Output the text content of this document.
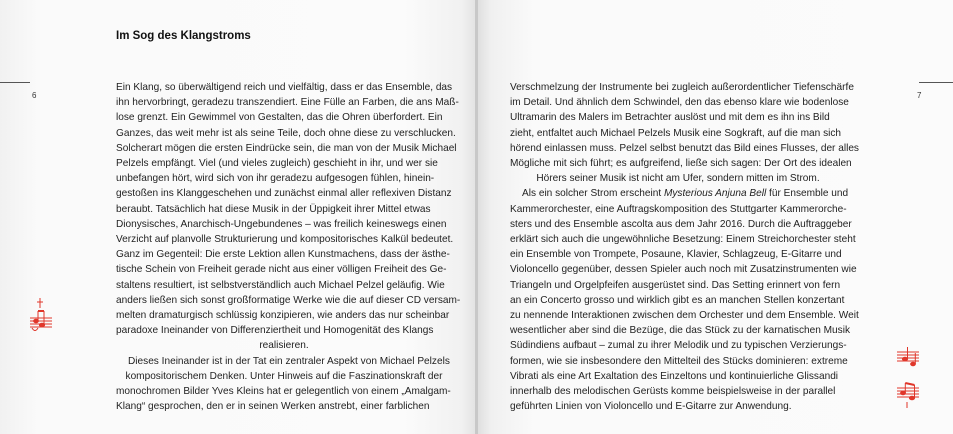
6	7
Im Sog des Klangstroms
Ein Klang, so überwältigend reich und vielfältig, dass er das Ensemble, das
ihn hervorbringt, geradezu transzendiert. Eine Fülle an Farben, die ans Maß-
lose grenzt. Ein Gewimmel von Gestalten, das die Ohren überfordert. Ein
Ganzes, das weit mehr ist als seine Teile, doch ohne diese zu verschlucken.
Solcherart mögen die ersten Eindrücke sein, die man von der Musik Michael
Pelzels empfängt. Viel (und vieles zugleich) geschieht in ihr, und wer sie
unbefangen hört, wird sich von ihr geradezu aufgesogen fühlen, hinein-
gestoßen ins Klanggeschehen und zunächst einmal aller reflexiven Distanz
beraubt. Tatsächlich hat diese Musik in der Üppigkeit ihrer Mittel etwas
Dionysisches, Anarchisch-Ungebundenes – was freilich keineswegs einen
Verzicht auf planvolle Strukturierung und kompositorisches Kalkül bedeutet.
Ganz im Gegenteil: Die erste Lektion allen Kunstmachens, dass der ästhe-
tische Schein von Freiheit gerade nicht aus einer völligen Freiheit des Ge-
staltens resultiert, ist selbstverständlich auch Michael Pelzel geläufig. Wie
anders ließen sich sonst großformatige Werke wie die auf dieser CD versam-
melten dramaturgisch schlüssig konzipieren, wie anders das nur scheinbar
paradoxe Ineinander von Differenziertheit und Homogenität des Klangs
realisieren.
Dieses Ineinander ist in der Tat ein zentraler Aspekt von Michael Pelzels
kompositorischem Denken. Unter Hinweis auf die Faszinationskraft der
monochromen Bilder Yves Kleins hat er gelegentlich von einem „Amalgam-
Klang“ gesprochen, den er in seinen Werken anstrebt, einer farblichen
Verschmelzung der Instrumente bei zugleich außerordentlicher Tiefenschärfe
im Detail. Und ähnlich dem Schwindel, den das ebenso klare wie bodenlose
Ultramarin des Malers im Betrachter auslöst und mit dem es ihn ins Bild
zieht, entfaltet auch Michael Pelzels Musik eine Sogkraft, auf die man sich
hörend einlassen muss. Pelzel selbst benutzt das Bild eines Flusses, der alles
Mögliche mit sich führt; es aufgreifend, ließe sich sagen: Der Ort des idealen
Hörers seiner Musik ist nicht am Ufer, sondern mitten im Strom.
Als ein solcher Strom erscheint Mysterious Anjuna Bell für Ensemble und
Kammerorchester, eine Auftragskomposition des Stuttgarter Kammerorche-
sters und des Ensemble ascolta aus dem Jahr 2016. Durch die Auftraggeber
erklärt sich auch die ungewöhnliche Besetzung: Einem Streichorchester steht
ein Ensemble von Trompete, Posaune, Klavier, Schlagzeug, E-Gitarre und
Violoncello gegenüber, dessen Spieler auch noch mit Zusatzinstrumenten wie
Triangeln und Orgelpfeifen ausgerüstet sind. Das Setting erinnert von fern
an ein Concerto grosso und wirklich gibt es an manchen Stellen konzertant
zu nennende Interaktionen zwischen dem Orchester und dem Ensemble. Weit
wesentlicher aber sind die Bezüge, die das Stück zu der karnatischen Musik
Südindiens aufbaut – zumal zu ihrer Melodik und zu typischen Verzierungs-
formen, wie sie insbesondere den Mittelteil des Stücks dominieren: extreme
Vibrati als eine Art Exaltation des Einzeltons und kontinuierliche Glissandi
innerhalb des melodischen Gerüsts komme beispielsweise in der parallel
geführten Linien von Violoncello und E-Gitarre zur Anwendung.
